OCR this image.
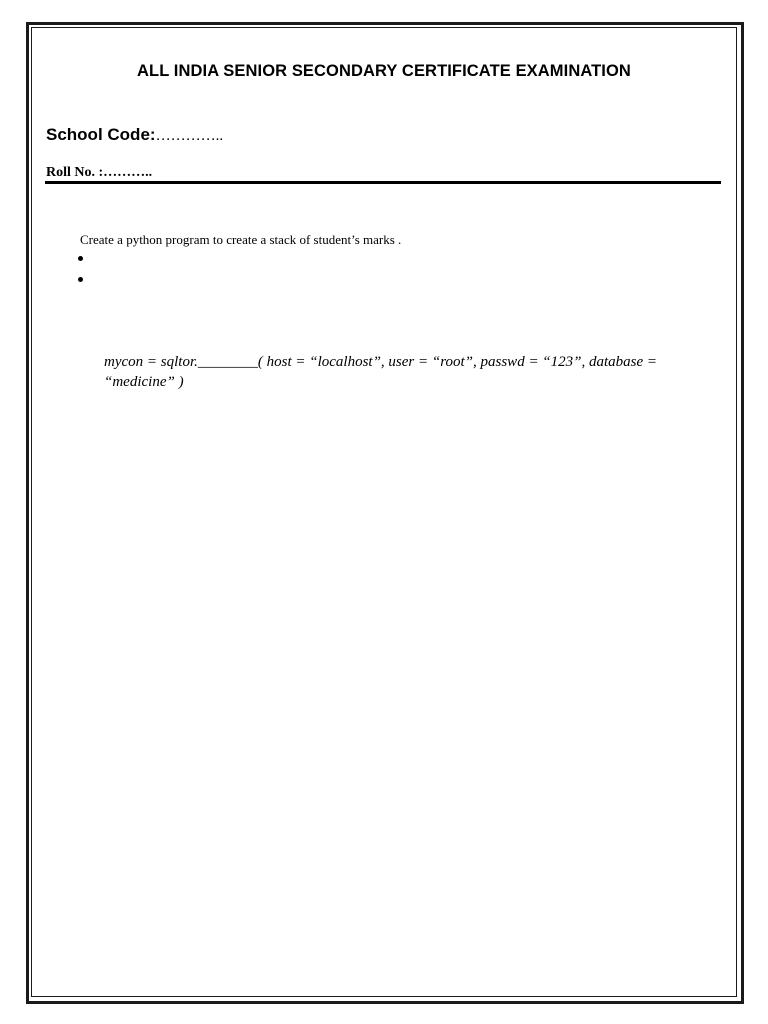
ALL INDIA SENIOR SECONDARY CERTIFICATE EXAMINATION
School Code:…………..
Roll No. :………..
Create a python program to create a stack of student’s marks .
mycon = sqltor.________( host = “localhost”, user = “root”, passwd = “123”, database =
“medicine” )
